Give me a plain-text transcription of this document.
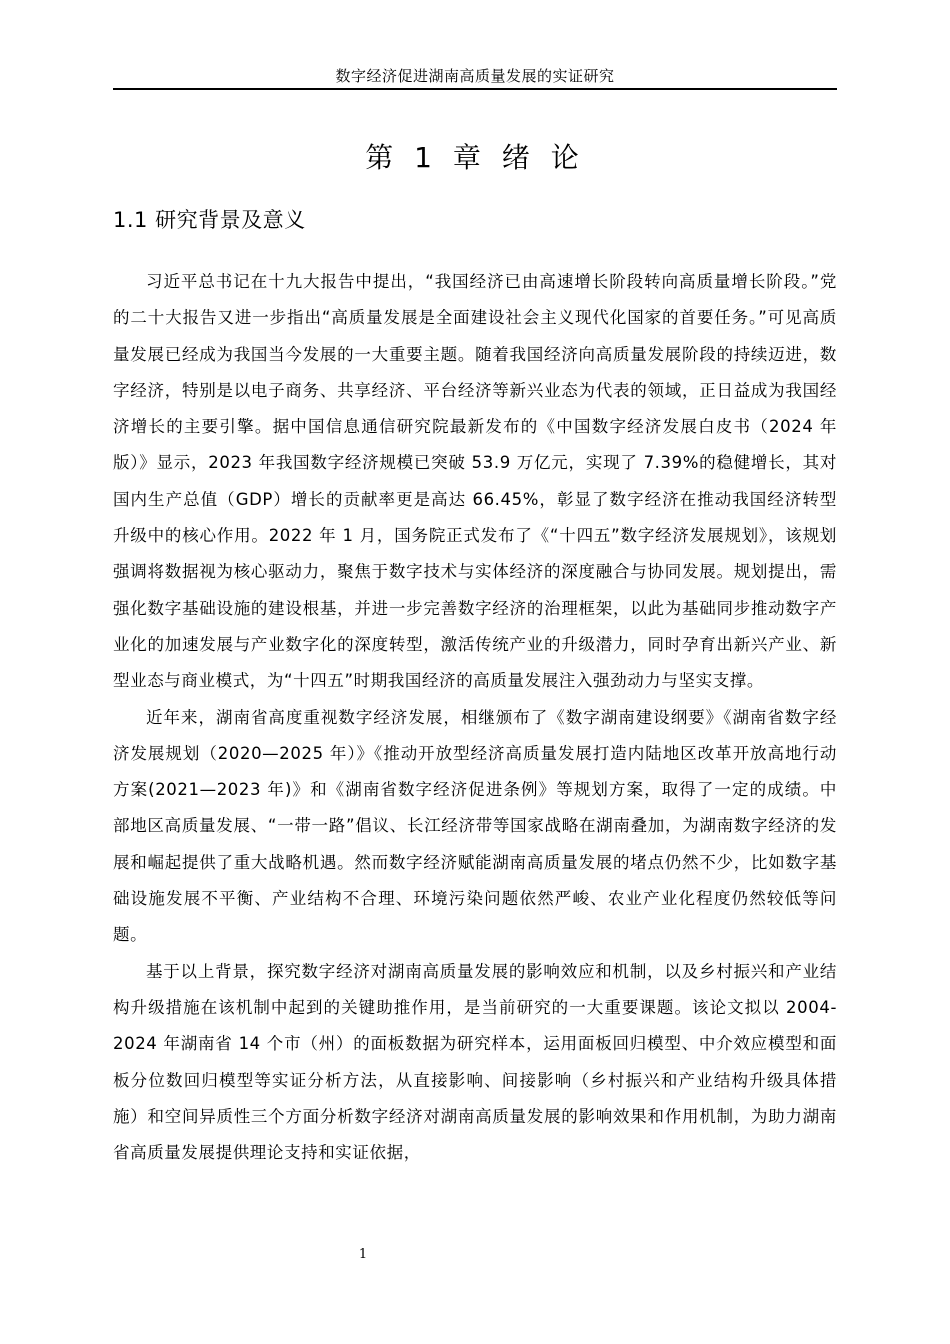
数字经济促进湖南高质量发展的实证研究
第 1 章 绪 论
1.1 研究背景及意义

习近平总书记在十九大报告中提出，“我国经济已由高速增长阶段转向高质量增长阶段。”党的二十大报告又进一步指出“高质量发展是全面建设社会主义现代化国家的首要任务。”可见高质量发展已经成为我国当今发展的一大重要主题。随着我国经济向高质量发展阶段的持续迈进，数字经济，特别是以电子商务、共享经济、平台经济等新兴业态为代表的领域，正日益成为我国经济增长的主要引擎。据中国信息通信研究院最新发布的《中国数字经济发展白皮书（2024 年版）》显示，2023 年我国数字经济规模已突破 53.9 万亿元，实现了 7.39%的稳健增长，其对国内生产总值（GDP）增长的贡献率更是高达 66.45%，彰显了数字经济在推动我国经济转型升级中的核心作用。2022 年 1 月，国务院正式发布了《“十四五”数字经济发展规划》，该规划强调将数据视为核心驱动力，聚焦于数字技术与实体经济的深度融合与协同发展。规划提出，需强化数字基础设施的建设根基，并进一步完善数字经济的治理框架，以此为基础同步推动数字产业化的加速发展与产业数字化的深度转型，激活传统产业的升级潜力，同时孕育出新兴产业、新型业态与商业模式，为“十四五”时期我国经济的高质量发展注入强劲动力与坚实支撑。

近年来，湖南省高度重视数字经济发展，相继颁布了《数字湖南建设纲要》《湖南省数字经济发展规划（2020—2025 年）》《推动开放型经济高质量发展打造内陆地区改革开放高地行动方案(2021—2023 年)》和《湖南省数字经济促进条例》等规划方案，取得了一定的成绩。中部地区高质量发展、“一带一路”倡议、长江经济带等国家战略在湖南叠加，为湖南数字经济的发展和崛起提供了重大战略机遇。然而数字经济赋能湖南高质量发展的堵点仍然不少，比如数字基础设施发展不平衡、产业结构不合理、环境污染问题依然严峻、农业产业化程度仍然较低等问题。

基于以上背景，探究数字经济对湖南高质量发展的影响效应和机制，以及乡村振兴和产业结构升级措施在该机制中起到的关键助推作用，是当前研究的一大重要课题。该论文拟以 2004-2024 年湖南省 14 个市（州）的面板数据为研究样本，运用面板回归模型、中介效应模型和面板分位数回归模型等实证分析方法，从直接影响、间接影响（乡村振兴和产业结构升级具体措施）和空间异质性三个方面分析数字经济对湖南高质量发展的影响效果和作用机制，为助力湖南省高质量发展提供理论支持和实证依据，

1
